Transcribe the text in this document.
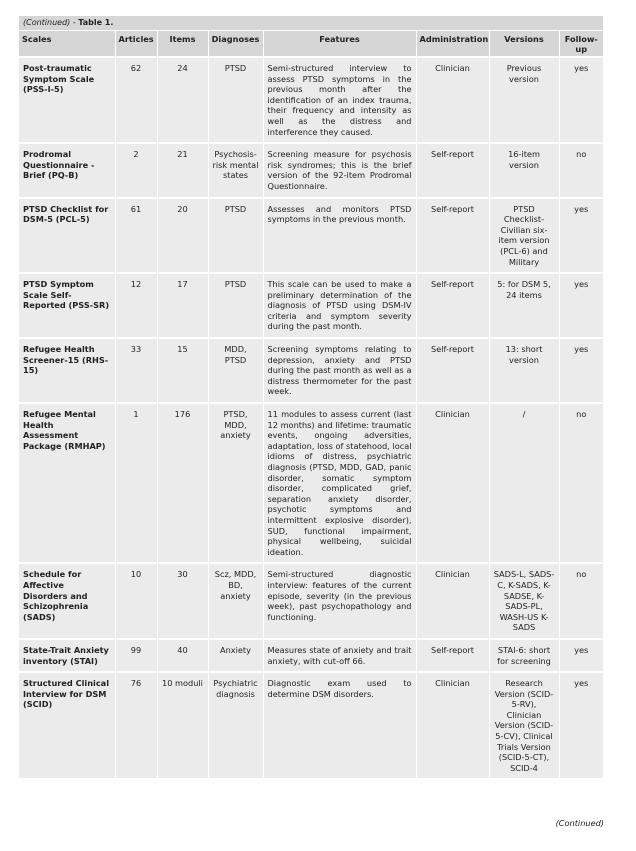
(Continued) - Table 1.
Scales	Articles	Items	Diagnoses	Features	Administration	Versions	Follow-up
Post-traumatic Symptom Scale (PSS-I-5)	62	24	PTSD	Semi-structured interview to assess PTSD symptoms in the previous month after the identification of an index trauma, their frequency and intensity as well as the distress and interference they caused.	Clinician	Previous version	yes
Prodromal Questionnaire - Brief (PQ-B)	2	21	Psychosis-risk mental states	Screening measure for psychosis risk syndromes; this is the brief version of the 92-item Prodromal Questionnaire.	Self-report	16-item version	no
PTSD Checklist for DSM-5 (PCL-5)	61	20	PTSD	Assesses and monitors PTSD symptoms in the previous month.	Self-report	PTSD Checklist-Civilian six-item version (PCL-6) and Military	yes
PTSD Symptom Scale Self-Reported (PSS-SR)	12	17	PTSD	This scale can be used to make a preliminary determination of the diagnosis of PTSD using DSM-IV criteria and symptom severity during the past month.	Self-report	5: for DSM 5, 24 items	yes
Refugee Health Screener-15 (RHS-15)	33	15	MDD, PTSD	Screening symptoms relating to depression, anxiety and PTSD during the past month as well as a distress thermometer for the past week.	Self-report	13: short version	yes
Refugee Mental Health Assessment Package (RMHAP)	1	176	PTSD, MDD, anxiety	11 modules to assess current (last 12 months) and lifetime: traumatic events, ongoing adversities, adaptation, loss of statehood, local idioms of distress, psychiatric diagnosis (PTSD, MDD, GAD, panic disorder, somatic symptom disorder, complicated grief, separation anxiety disorder, psychotic symptoms and intermittent explosive disorder), SUD, functional impairment, physical wellbeing, suicidal ideation.	Clinician	/	no
Schedule for Affective Disorders and Schizophrenia (SADS)	10	30	Scz, MDD, BD, anxiety	Semi-structured diagnostic interview: features of the current episode, severity (in the previous week), past psychopathology and functioning.	Clinician	SADS-L, SADS-C, K-SADS, K-SADSE, K-SADS-PL, WASH-US K-SADS	no
State-Trait Anxiety inventory (STAI)	99	40	Anxiety	Measures state of anxiety and trait anxiety, with cut-off 66.	Self-report	STAI-6: short for screening	yes
Structured Clinical Interview for DSM (SCID)	76	10 moduli	Psychiatric diagnosis	Diagnostic exam used to determine DSM disorders.	Clinician	Research Version (SCID-5-RV), Clinician Version (SCID-5-CV), Clinical Trials Version (SCID-5-CT), SCID-4	yes
(Continued)
